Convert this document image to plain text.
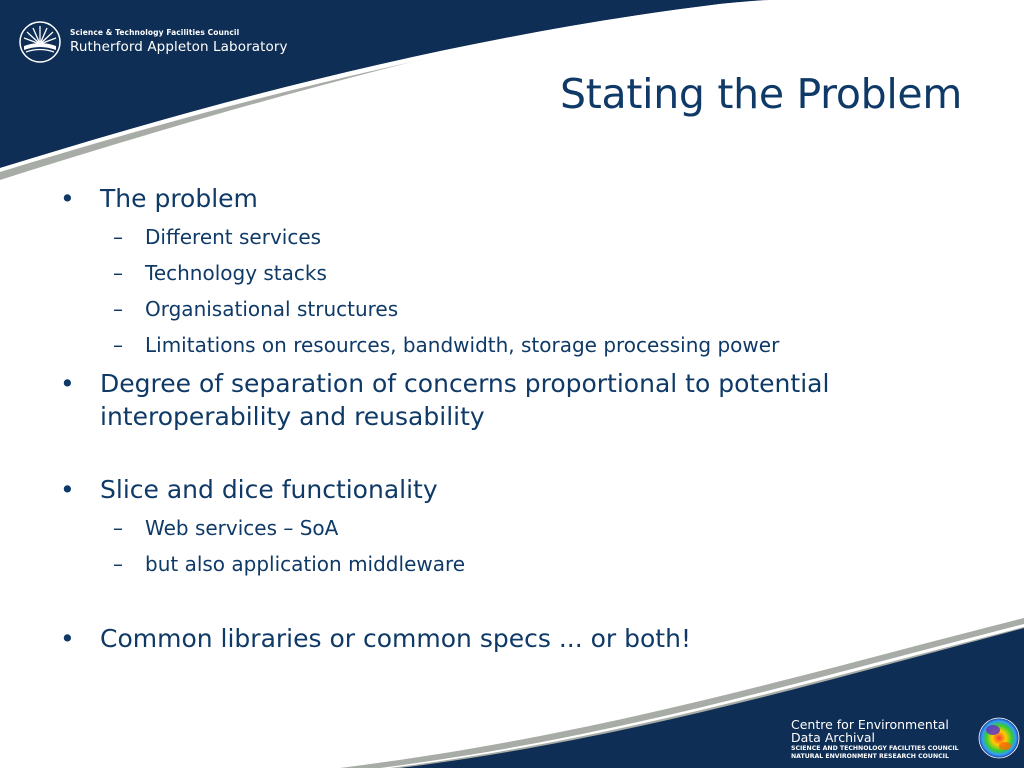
Science & Technology Facilities Council
Rutherford Appleton Laboratory
Stating the Problem
• The problem
– Different services
– Technology stacks
– Organisational structures
– Limitations on resources, bandwidth, storage processing power
• Degree of separation of concerns proportional to potential
interoperability and reusability
• Slice and dice functionality
– Web services – SoA
– but also application middleware
• Common libraries or common specs ... or both!
Centre for Environmental
Data Archival
SCIENCE AND TECHNOLOGY FACILITIES COUNCIL
NATURAL ENVIRONMENT RESEARCH COUNCIL
